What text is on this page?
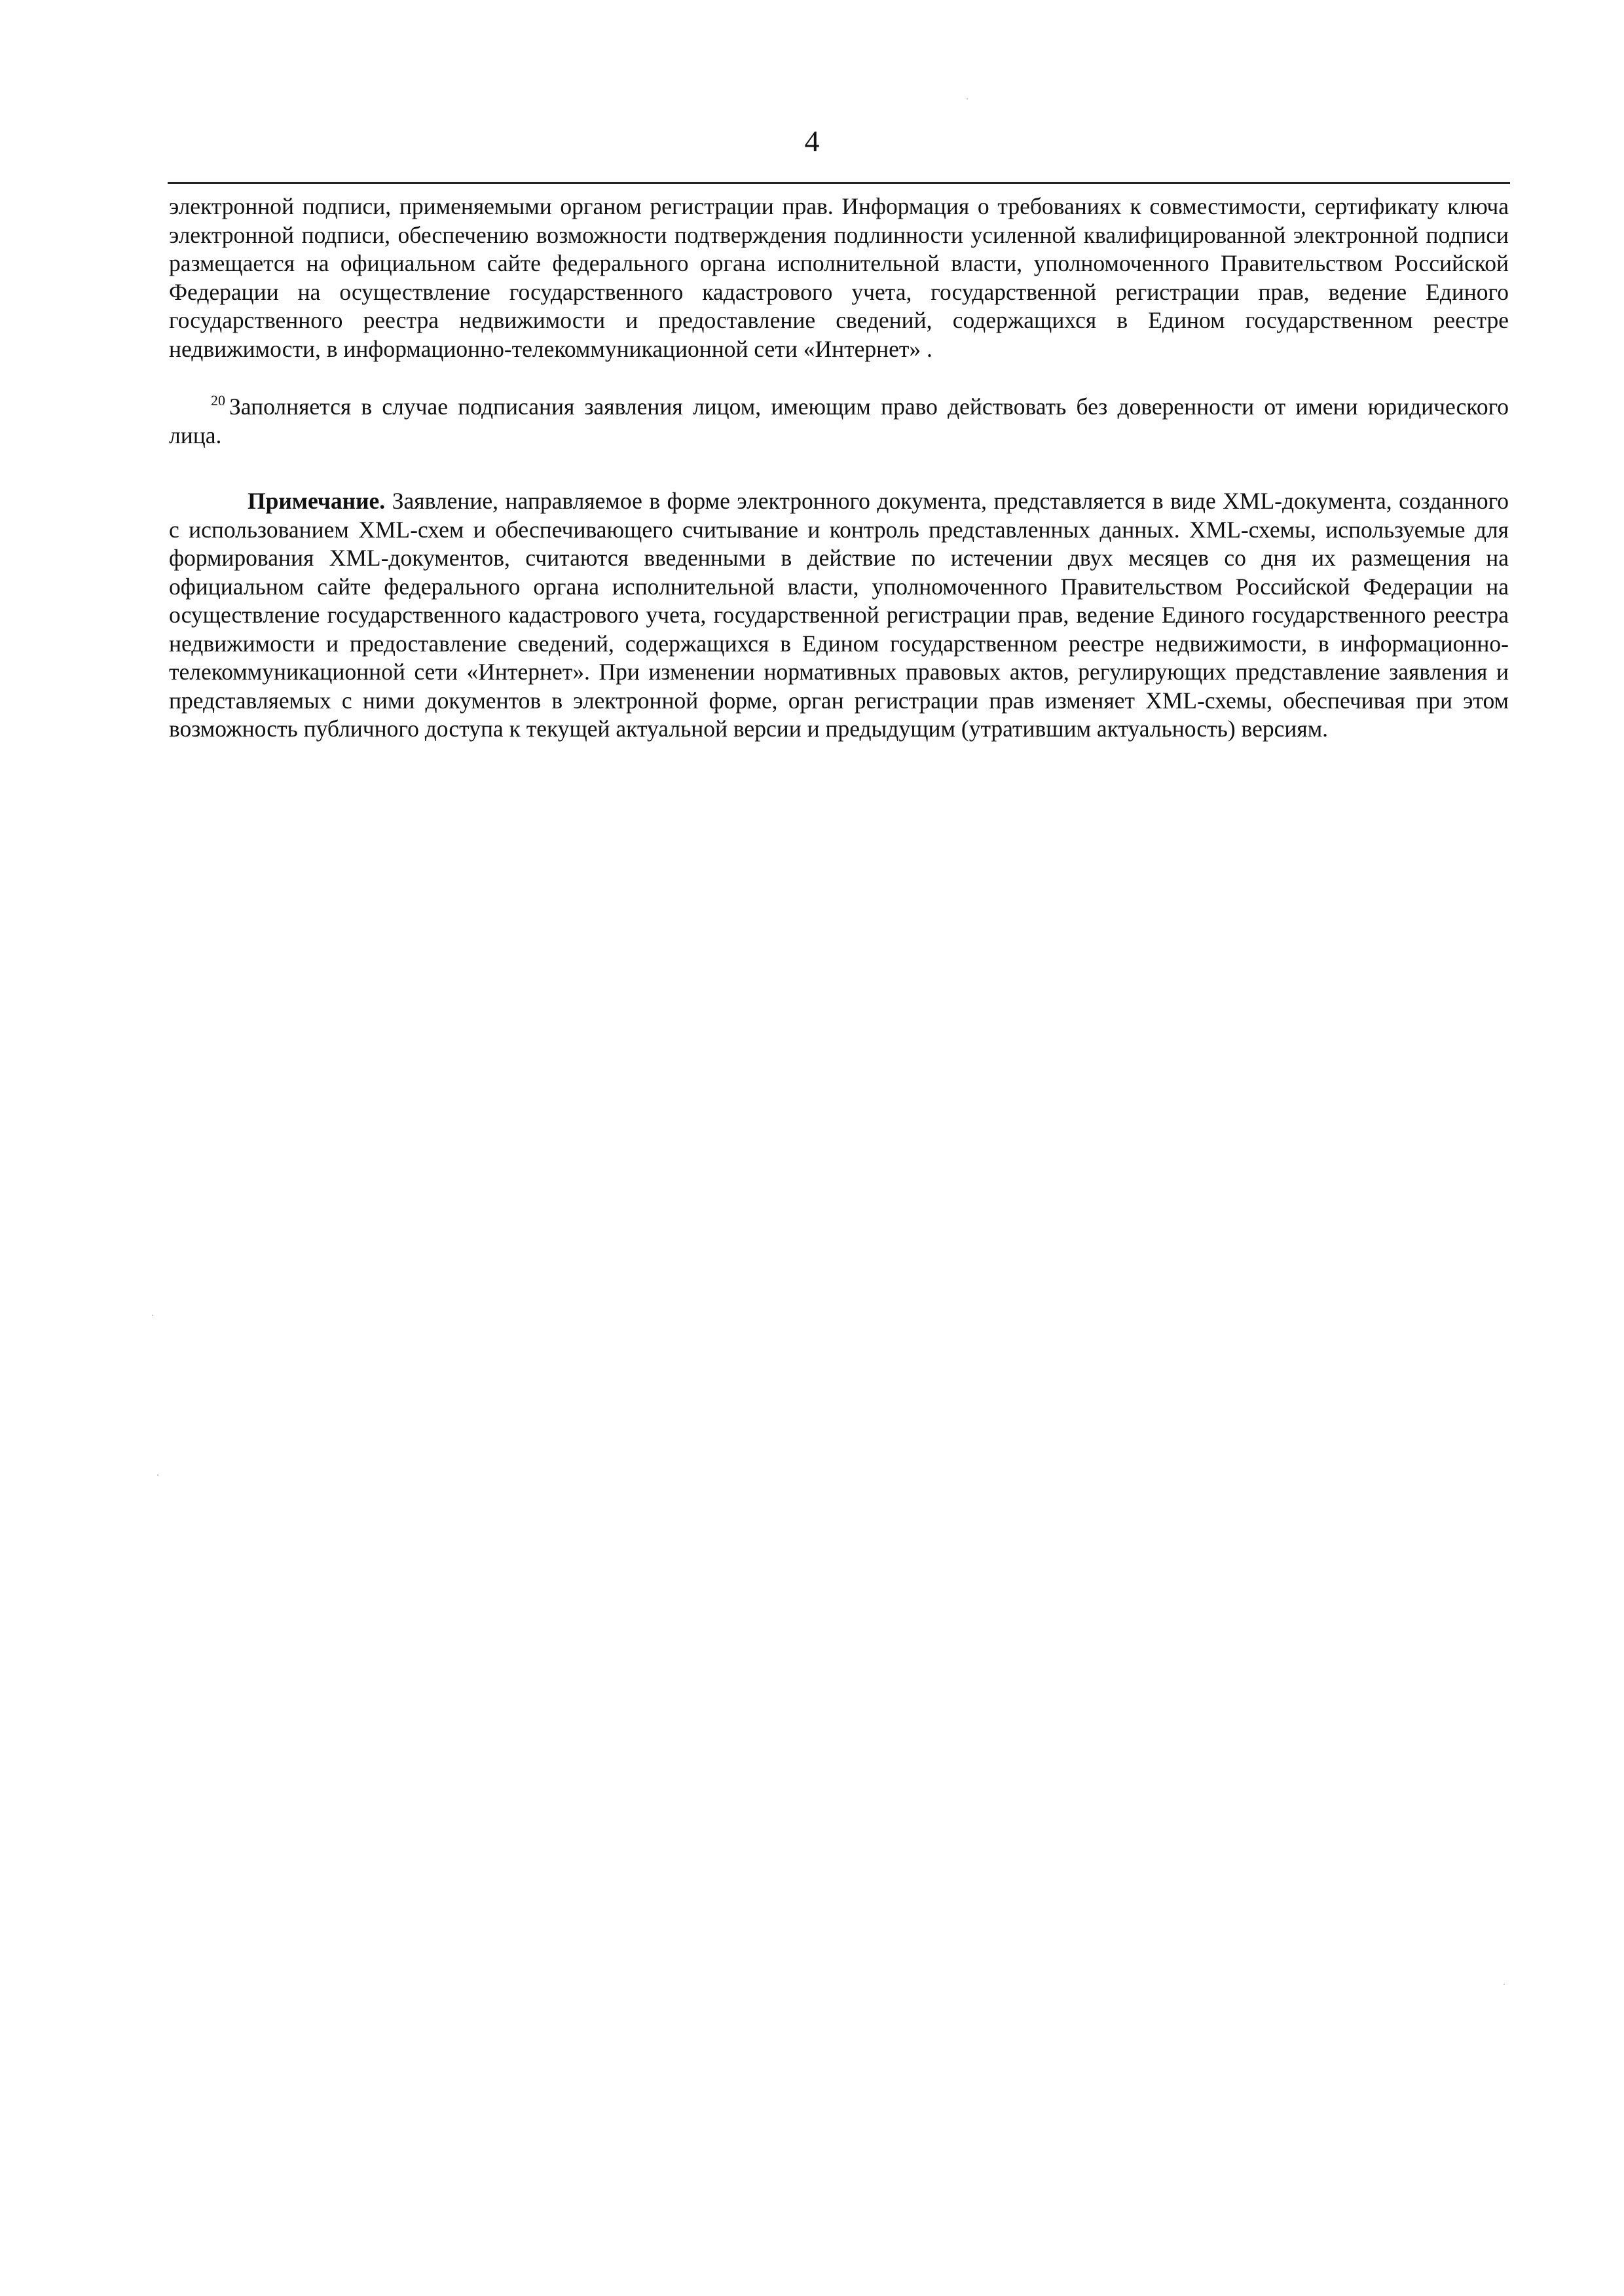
4

электронной подписи, применяемыми органом регистрации прав. Информация о требованиях к совместимости, сертификату ключа электронной подписи, обеспечению возможности подтверждения подлинности усиленной квалифицированной электронной подписи размещается на официальном сайте федерального органа исполнительной власти, уполномоченного Правительством Российской Федерации на осуществление государственного кадастрового учета, государственной регистрации прав, ведение Единого государственного реестра недвижимости и предоставление сведений, содержащихся в Едином государственном реестре недвижимости, в информационно-телекоммуникационной сети «Интернет» .

$^{20}$ Заполняется в случае подписания заявления лицом, имеющим право действовать без доверенности от имени юридического лица.

Примечание. Заявление, направляемое в форме электронного документа, представляется в виде XML-документа, созданного с использованием XML-схем и обеспечивающего считывание и контроль представленных данных. XML-схемы, используемые для формирования XML-документов, считаются введенными в действие по истечении двух месяцев со дня их размещения на официальном сайте федерального органа исполнительной власти, уполномоченного Правительством Российской Федерации на осуществление государственного кадастрового учета, государственной регистрации прав, ведение Единого государственного реестра недвижимости и предоставление сведений, содержащихся в Едином государственном реестре недвижимости, в информационно-телекоммуникационной сети «Интернет». При изменении нормативных правовых актов, регулирующих представление заявления и представляемых с ними документов в электронной форме, орган регистрации прав изменяет XML-схемы, обеспечивая при этом возможность публичного доступа к текущей актуальной версии и предыдущим (утратившим актуальность) версиям.
